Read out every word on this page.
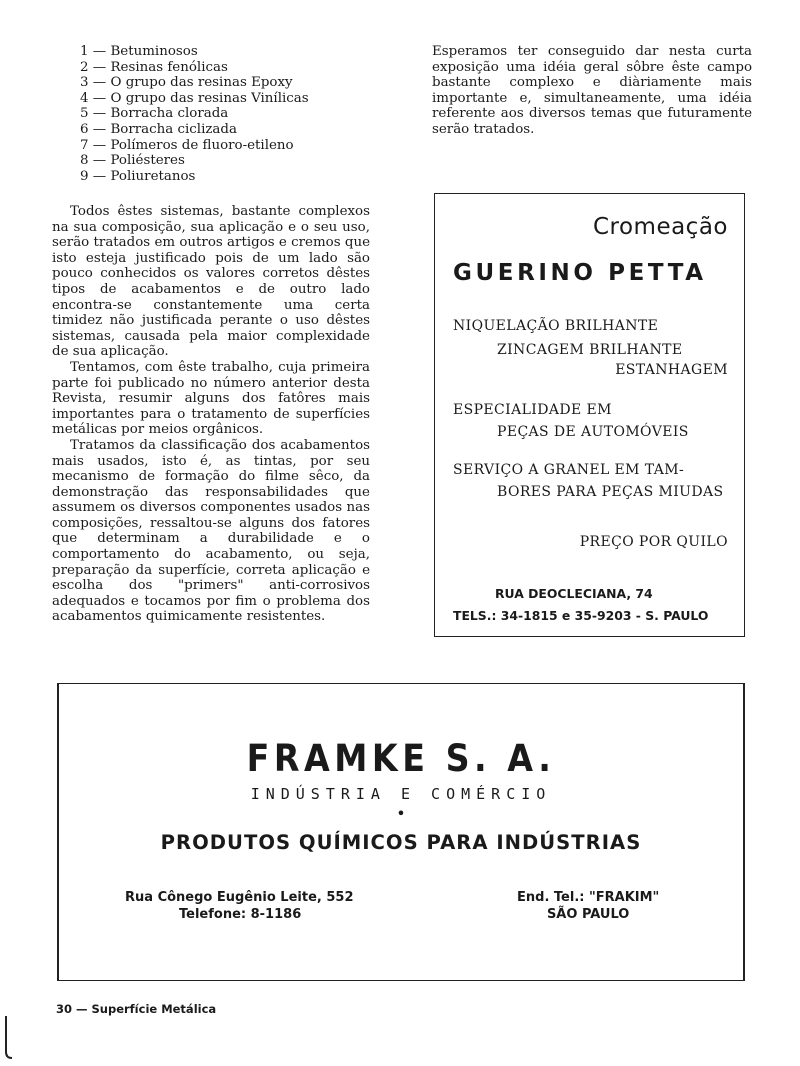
1 — Betuminosos
2 — Resinas fenólicas
3 — O grupo das resinas Epoxy
4 — O grupo das resinas Vinílicas
5 — Borracha clorada
6 — Borracha ciclizada
7 — Polímeros de fluoro-etileno
8 — Poliésteres
9 — Poliuretanos

Todos êstes sistemas, bastante complexos na sua composição, sua aplicação e o seu uso, serão tratados em outros artigos e cremos que isto esteja justificado pois de um lado são pouco conhecidos os valores corretos dêstes tipos de acabamentos e de outro lado encontra-se constantemente uma certa timidez não justificada perante o uso dêstes sistemas, causada pela maior complexidade de sua aplicação.

Tentamos, com êste trabalho, cuja primeira parte foi publicado no número anterior desta Revista, resumir alguns dos fatôres mais importantes para o tratamento de superfícies metálicas por meios orgânicos.

Tratamos da classificação dos acabamentos mais usados, isto é, as tintas, por seu mecanismo de formação do filme sêco, da demonstração das responsabilidades que assumem os diversos componentes usados nas composições, ressaltou-se alguns dos fatores que determinam a durabilidade e o comportamento do acabamento, ou seja, preparação da superfície, correta aplicação e escolha dos "primers" anti-corrosivos adequados e tocamos por fim o problema dos acabamentos quimicamente resistentes.

Esperamos ter conseguido dar nesta curta exposição uma idéia geral sôbre êste campo bastante complexo e diàriamente mais importante e, simultaneamente, uma idéia referente aos diversos temas que futuramente serão tratados.

Cromeação
GUERINO PETTA
NIQUELAÇÃO BRILHANTE
ZINCAGEM BRILHANTE
ESTANHAGEM
ESPECIALIDADE EM
PEÇAS DE AUTOMÓVEIS
SERVIÇO A GRANEL EM TAM-
BORES PARA PEÇAS MIUDAS
PREÇO POR QUILO
RUA DEOCLECIANA, 74
TELS.: 34-1815 e 35-9203 - S. PAULO
FRAMKE S. A.
INDÚSTRIA E COMÉRCIO
•
PRODUTOS QUÍMICOS PARA INDÚSTRIAS
Rua Cônego Eugênio Leite, 552
Telefone: 8-1186
End. Tel.: "FRAKIM"
SÃO PAULO
30 — Superfície Metálica
